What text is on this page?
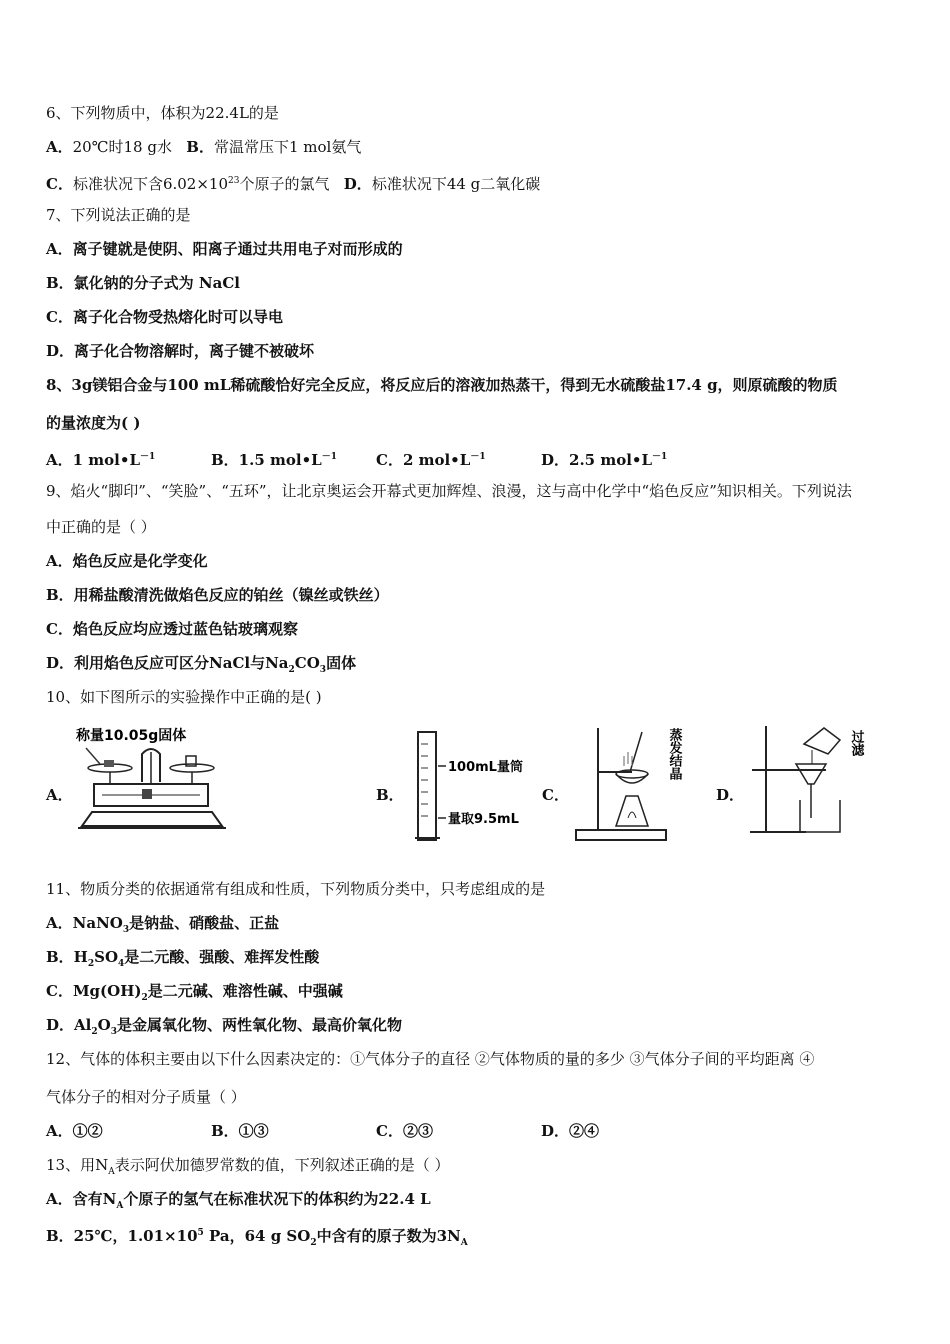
6、下列物质中，体积为22.4L的是
A．20℃时18 g水 B．常温常压下1 mol氨气
C．标准状况下含$6.02\times 10^{23}$个原子的氯气 D．标准状况下44 g二氧化碳
7、下列说法正确的是
A．离子键就是使阴、阳离子通过共用电子对而形成的
B．氯化钠的分子式为 NaCl
C．离子化合物受热熔化时可以导电
D．离子化合物溶解时，离子键不被破坏
8、3g镁铝合金与100 mL稀硫酸恰好完全反应，将反应后的溶液加热蒸干，得到无水硫酸盐17.4 g，则原硫酸的物质
的量浓度为( )
A．1 $mol•L^{-1}$	B．1.5 $mol•L^{-1}$	C．2 $mol•L^{-1}$	D．2.5 $mol•L^{-1}$
9、焰火“脚印”、“笑脸”、“五环”，让北京奥运会开幕式更加辉煌、浪漫，这与高中化学中“焰色反应”知识相关。下列说法
中正确的是（ ）
A．焰色反应是化学变化
B．用稀盐酸清洗做焰色反应的铂丝（镍丝或铁丝）
C．焰色反应均应透过蓝色钴玻璃观察
D．利用焰色反应可区分NaCl与$Na_2CO_3$固体
10、如下图所示的实验操作中正确的是( )
A．
称量10.05g固体
B．
100mL量筒
量取9.5mL
C．
蒸发结晶
D．
过滤
11、物质分类的依据通常有组成和性质，下列物质分类中，只考虑组成的是
A．NaNO$_3$是钠盐、硝酸盐、正盐
B．$H_2SO_4$是二元酸、强酸、难挥发性酸
C．$Mg(OH)_2$是二元碱、难溶性碱、中强碱
D．$Al_2O_3$是金属氧化物、两性氧化物、最高价氧化物
12、气体的体积主要由以下什么因素决定的：①气体分子的直径 ②气体物质的量的多少 ③气体分子间的平均距离 ④
气体分子的相对分子质量（ ）
A．①②	B．①③	C．②③	D．②④
13、用$N_A$表示阿伏加德罗常数的值，下列叙述正确的是（ ）
A．含有$N_A$个原子的氢气在标准状况下的体积约为22.4 L
B．25℃，$1.01\times 10^5$ Pa，64 g $SO_2$中含有的原子数为$3N_A$
